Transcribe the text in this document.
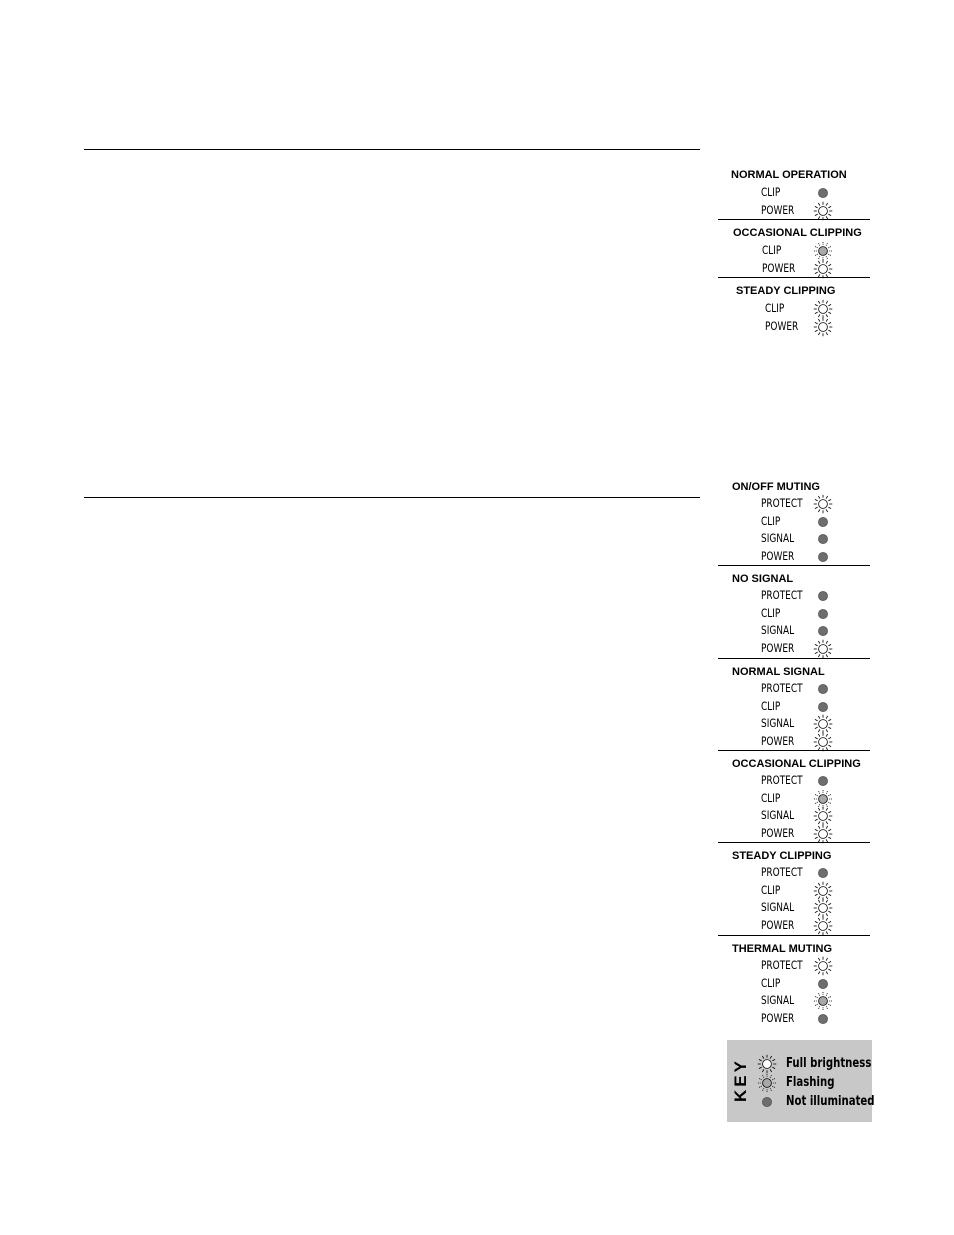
NORMAL OPERATION
CLIP
POWER
OCCASIONAL CLIPPING
CLIP
POWER
STEADY CLIPPING
CLIP
POWER
ON/OFF MUTING
PROTECT
CLIP
SIGNAL
POWER
NO SIGNAL
PROTECT
CLIP
SIGNAL
POWER
NORMAL SIGNAL
PROTECT
CLIP
SIGNAL
POWER
OCCASIONAL CLIPPING
PROTECT
CLIP
SIGNAL
POWER
STEADY CLIPPING
PROTECT
CLIP
SIGNAL
POWER
THERMAL MUTING
PROTECT
CLIP
SIGNAL
POWER
KEY	Full brightness
Flashing
Not illuminated
